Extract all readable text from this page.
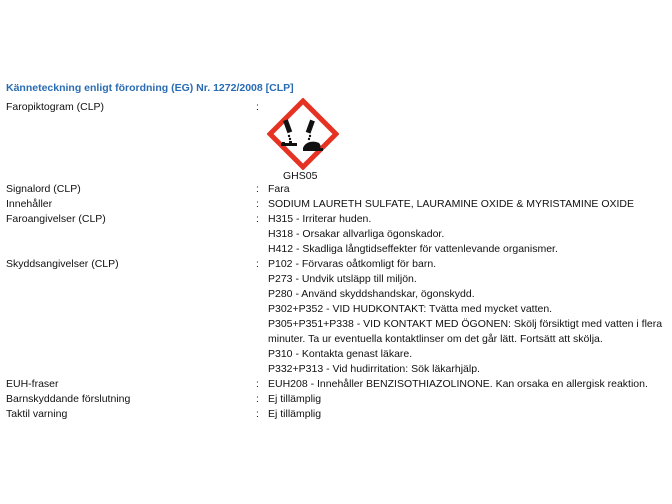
Känneteckning enligt förordning (EG) Nr. 1272/2008 [CLP]
Faropiktogram (CLP)	:
GHS05
Signalord (CLP)	: Fara
Innehåller	: SODIUM LAURETH SULFATE, LAURAMINE OXIDE & MYRISTAMINE OXIDE
Faroangivelser (CLP)	: H315 - Irriterar huden.
H318 - Orsakar allvarliga ögonskador.
H412 - Skadliga långtidseffekter för vattenlevande organismer.
Skyddsangivelser (CLP)	: P102 - Förvaras oåtkomligt för barn.
P273 - Undvik utsläpp till miljön.
P280 - Använd skyddshandskar, ögonskydd.
P302+P352 - VID HUDKONTAKT: Tvätta med mycket vatten.
P305+P351+P338 - VID KONTAKT MED ÖGONEN: Skölj försiktigt med vatten i flera
minuter. Ta ur eventuella kontaktlinser om det går lätt. Fortsätt att skölja.
P310 - Kontakta genast läkare.
P332+P313 - Vid hudirritation: Sök läkarhjälp.
EUH-fraser	: EUH208 - Innehåller BENZISOTHIAZOLINONE. Kan orsaka en allergisk reaktion.
Barnskyddande förslutning	: Ej tillämplig
Taktil varning	: Ej tillämplig
